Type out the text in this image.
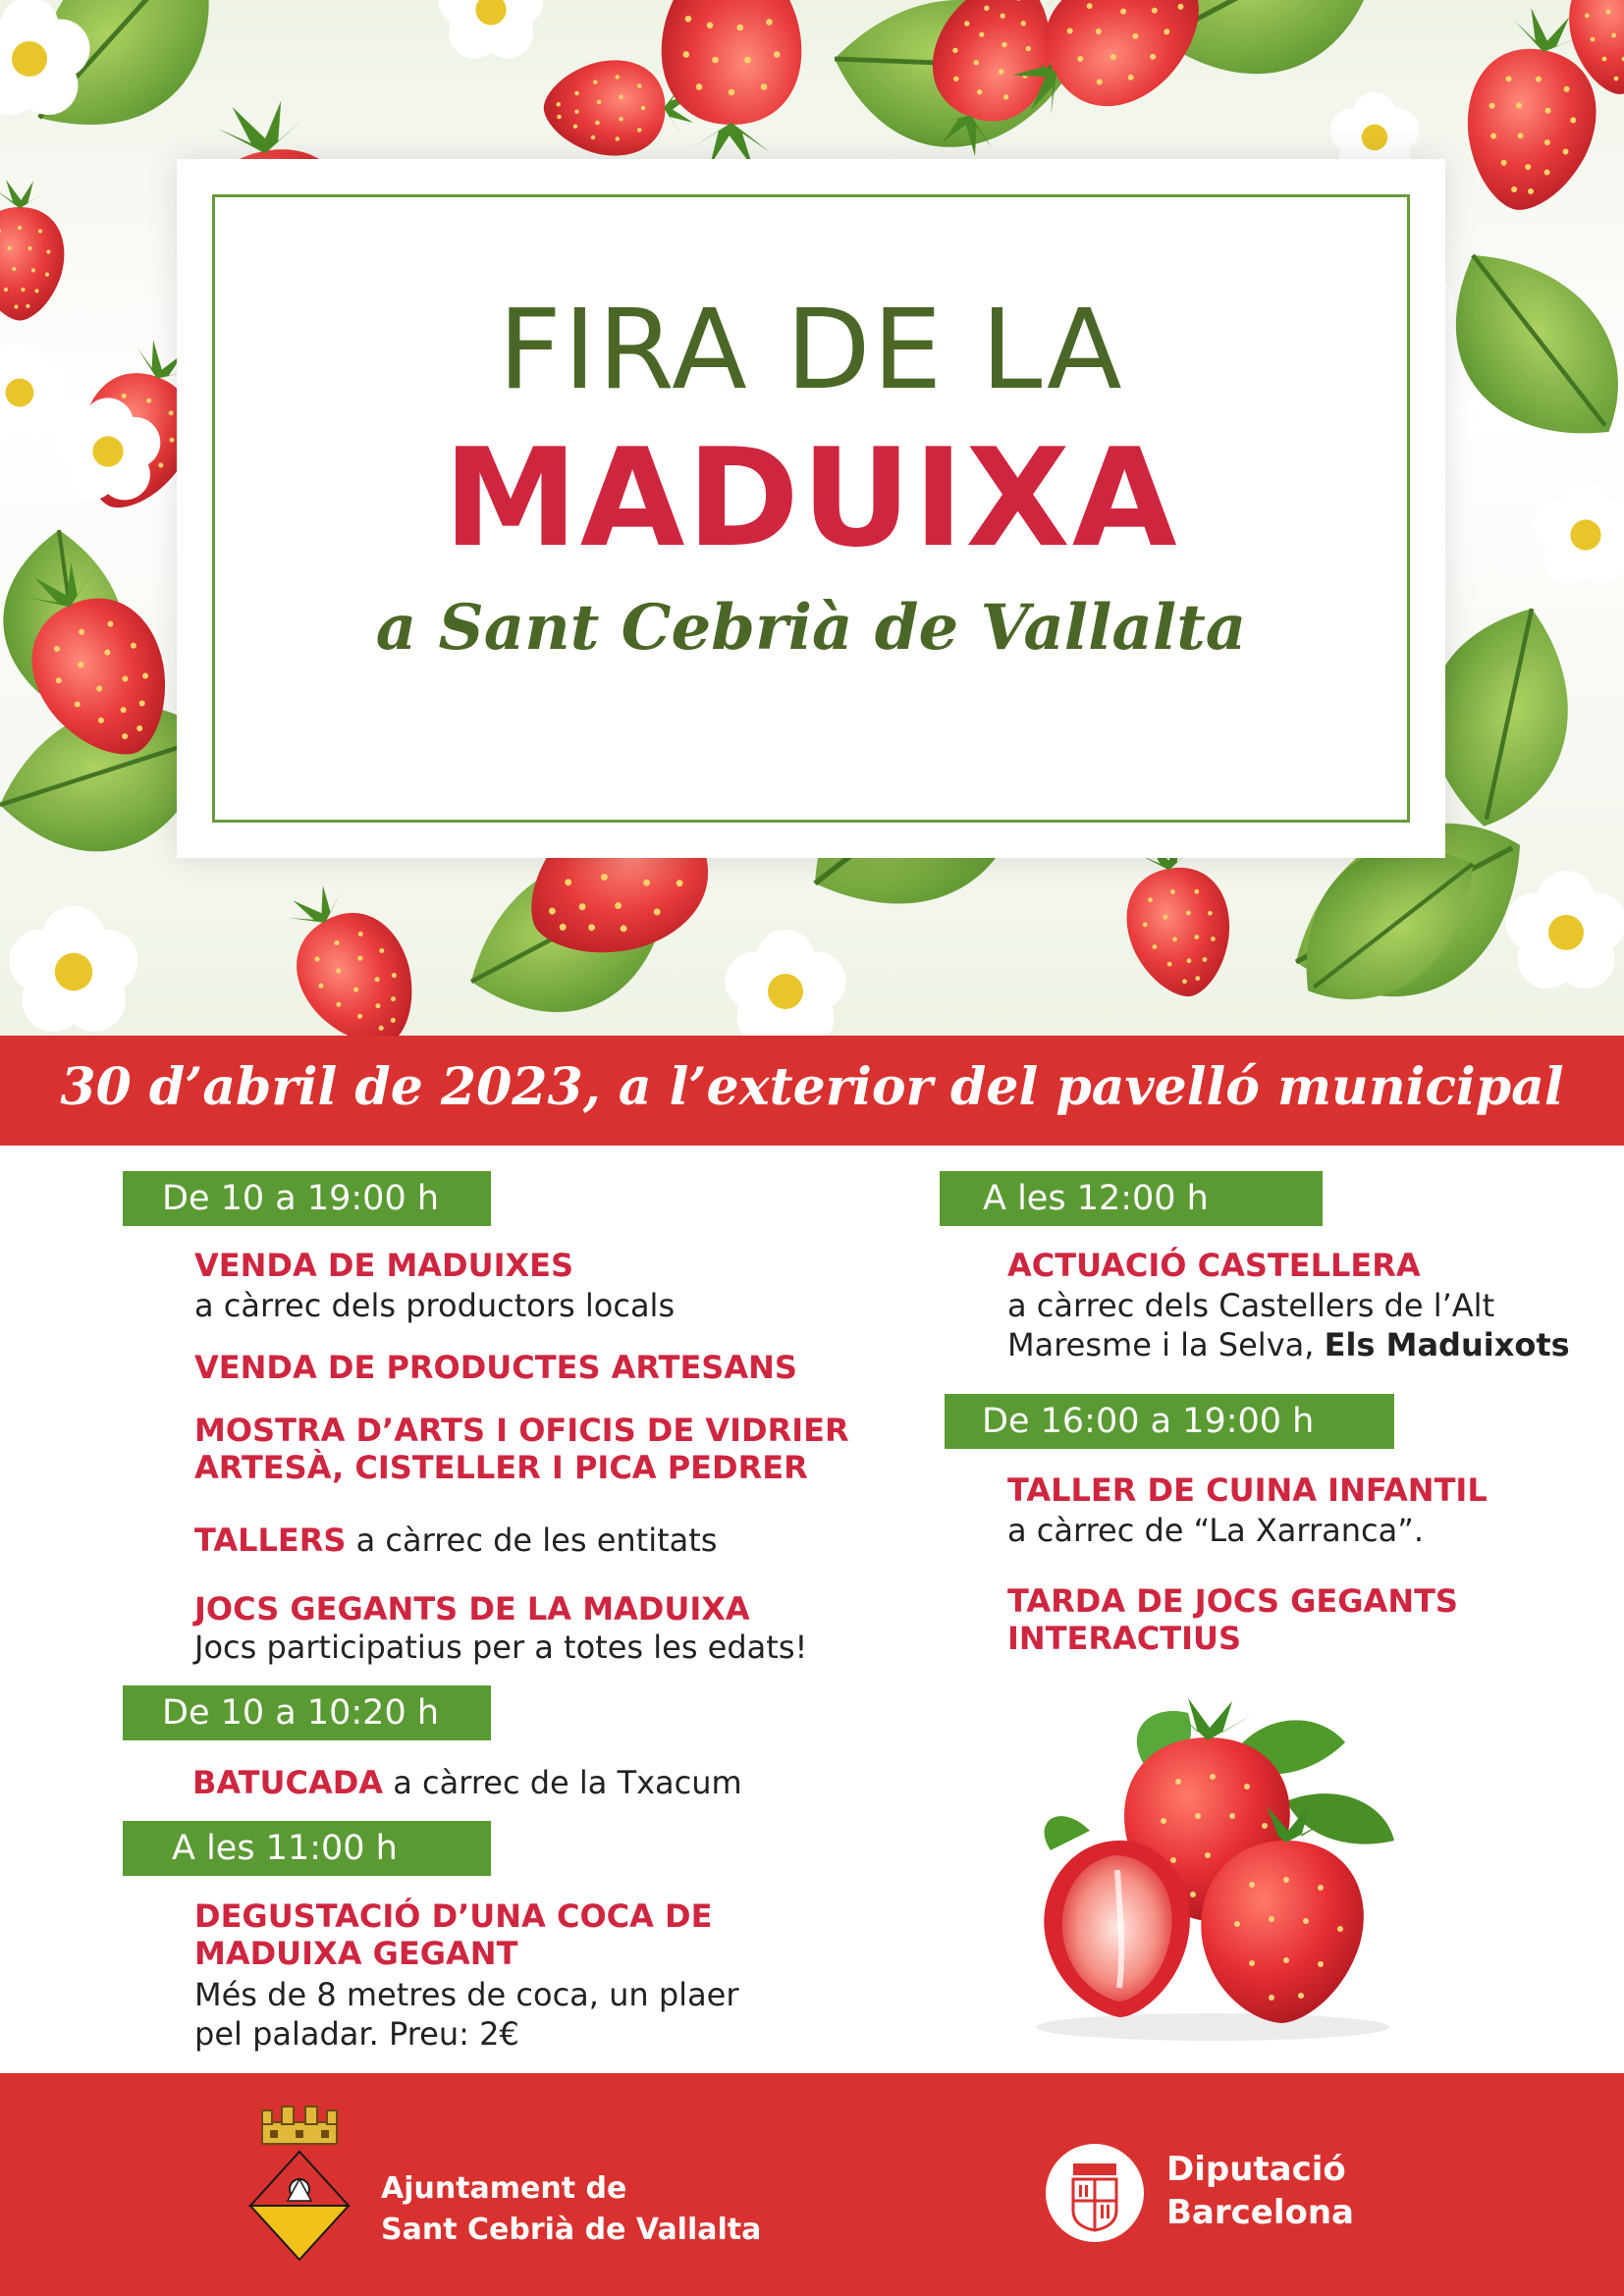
FIRA DE LA
MADUIXA
a Sant Cebrià de Vallalta
30 d’abril de 2023, a l’exterior del pavelló municipal
De 10 a 19:00 h
VENDA DE MADUIXES
a càrrec dels productors locals
VENDA DE PRODUCTES ARTESANS
MOSTRA D’ARTS I OFICIS DE VIDRIER
ARTESÀ, CISTELLER I PICA PEDRER
TALLERS a càrrec de les entitats
JOCS GEGANTS DE LA MADUIXA
Jocs participatius per a totes les edats!
De 10 a 10:20 h
BATUCADA a càrrec de la Txacum
A les 11:00 h
DEGUSTACIÓ D’UNA COCA DE
MADUIXA GEGANT
Més de 8 metres de coca, un plaer
pel paladar. Preu: 2€
A les 12:00 h
ACTUACIÓ CASTELLERA
a càrrec dels Castellers de l’Alt
Maresme i la Selva, Els Maduixots
De 16:00 a 19:00 h
TALLER DE CUINA INFANTIL
a càrrec de “La Xarranca”.
TARDA DE JOCS GEGANTS
INTERACTIUS
Ajuntament de
Sant Cebrià de Vallalta
Diputació
Barcelona
